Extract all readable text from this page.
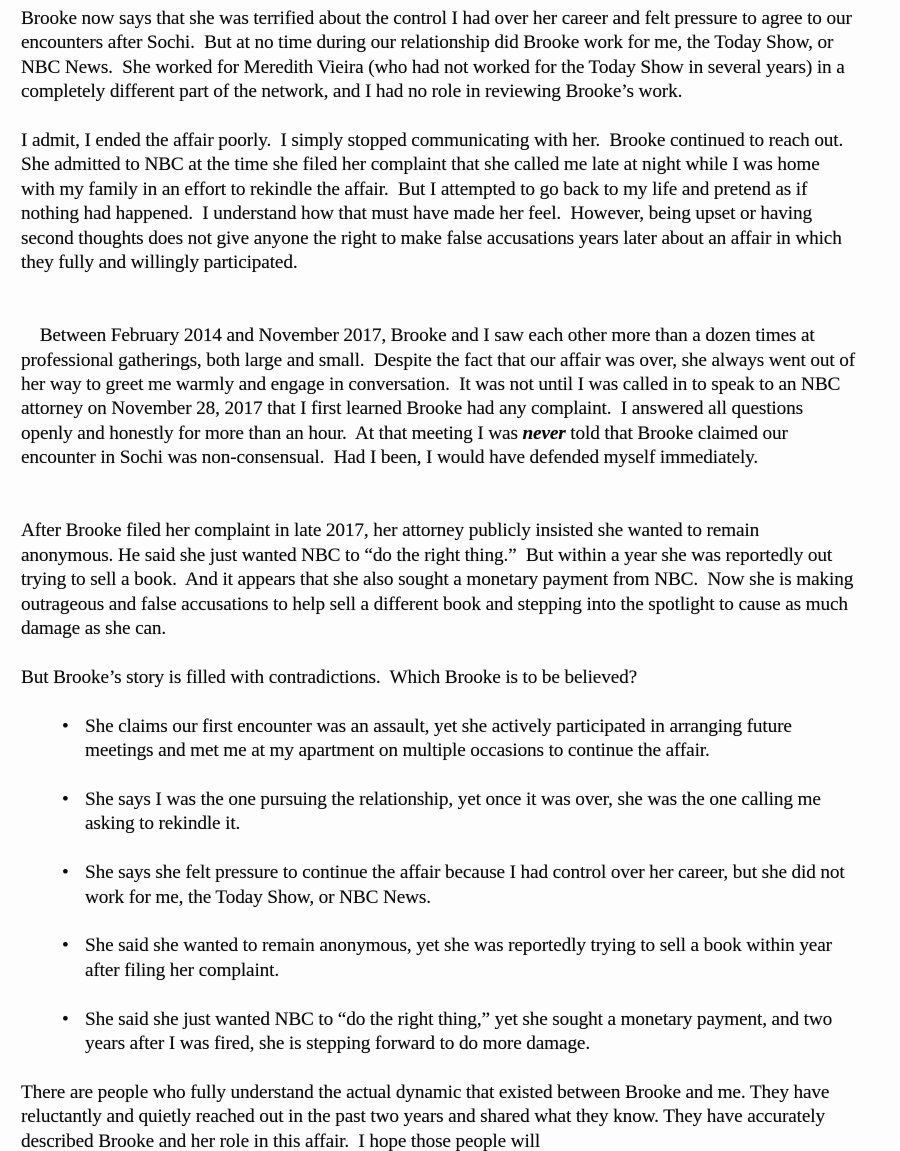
Brooke now says that she was terrified about the control I had over her career and felt pressure to agree to our encounters after Sochi.  But at no time during our relationship did Brooke work for me, the Today Show, or NBC News.  She worked for Meredith Vieira (who had not worked for the Today Show in several years) in a completely different part of the network, and I had no role in reviewing Brooke’s work.

I admit, I ended the affair poorly.  I simply stopped communicating with her.  Brooke continued to reach out.  She admitted to NBC at the time she filed her complaint that she called me late at night while I was home with my family in an effort to rekindle the affair.  But I attempted to go back to my life and pretend as if nothing had happened.  I understand how that must have made her feel.  However, being upset or having second thoughts does not give anyone the right to make false accusations years later about an affair in which they fully and willingly participated.

Between February 2014 and November 2017, Brooke and I saw each other more than a dozen times at professional gatherings, both large and small.  Despite the fact that our affair was over, she always went out of her way to greet me warmly and engage in conversation.  It was not until I was called in to speak to an NBC attorney on November 28, 2017 that I first learned Brooke had any complaint.  I answered all questions openly and honestly for more than an hour.  At that meeting I was never told that Brooke claimed our encounter in Sochi was non-consensual.  Had I been, I would have defended myself immediately.

After Brooke filed her complaint in late 2017, her attorney publicly insisted she wanted to remain anonymous. He said she just wanted NBC to “do the right thing.”  But within a year she was reportedly out trying to sell a book.  And it appears that she also sought a monetary payment from NBC.  Now she is making outrageous and false accusations to help sell a different book and stepping into the spotlight to cause as much damage as she can.

But Brooke’s story is filled with contradictions.  Which Brooke is to be believed?

• She claims our first encounter was an assault, yet she actively participated in arranging future meetings and met me at my apartment on multiple occasions to continue the affair.
• She says I was the one pursuing the relationship, yet once it was over, she was the one calling me asking to rekindle it.
• She says she felt pressure to continue the affair because I had control over her career, but she did not work for me, the Today Show, or NBC News.
• She said she wanted to remain anonymous, yet she was reportedly trying to sell a book within year after filing her complaint.
• She said she just wanted NBC to “do the right thing,” yet she sought a monetary payment, and two years after I was fired, she is stepping forward to do more damage.

There are people who fully understand the actual dynamic that existed between Brooke and me. They have reluctantly and quietly reached out in the past two years and shared what they know. They have accurately described Brooke and her role in this affair.  I hope those people will
